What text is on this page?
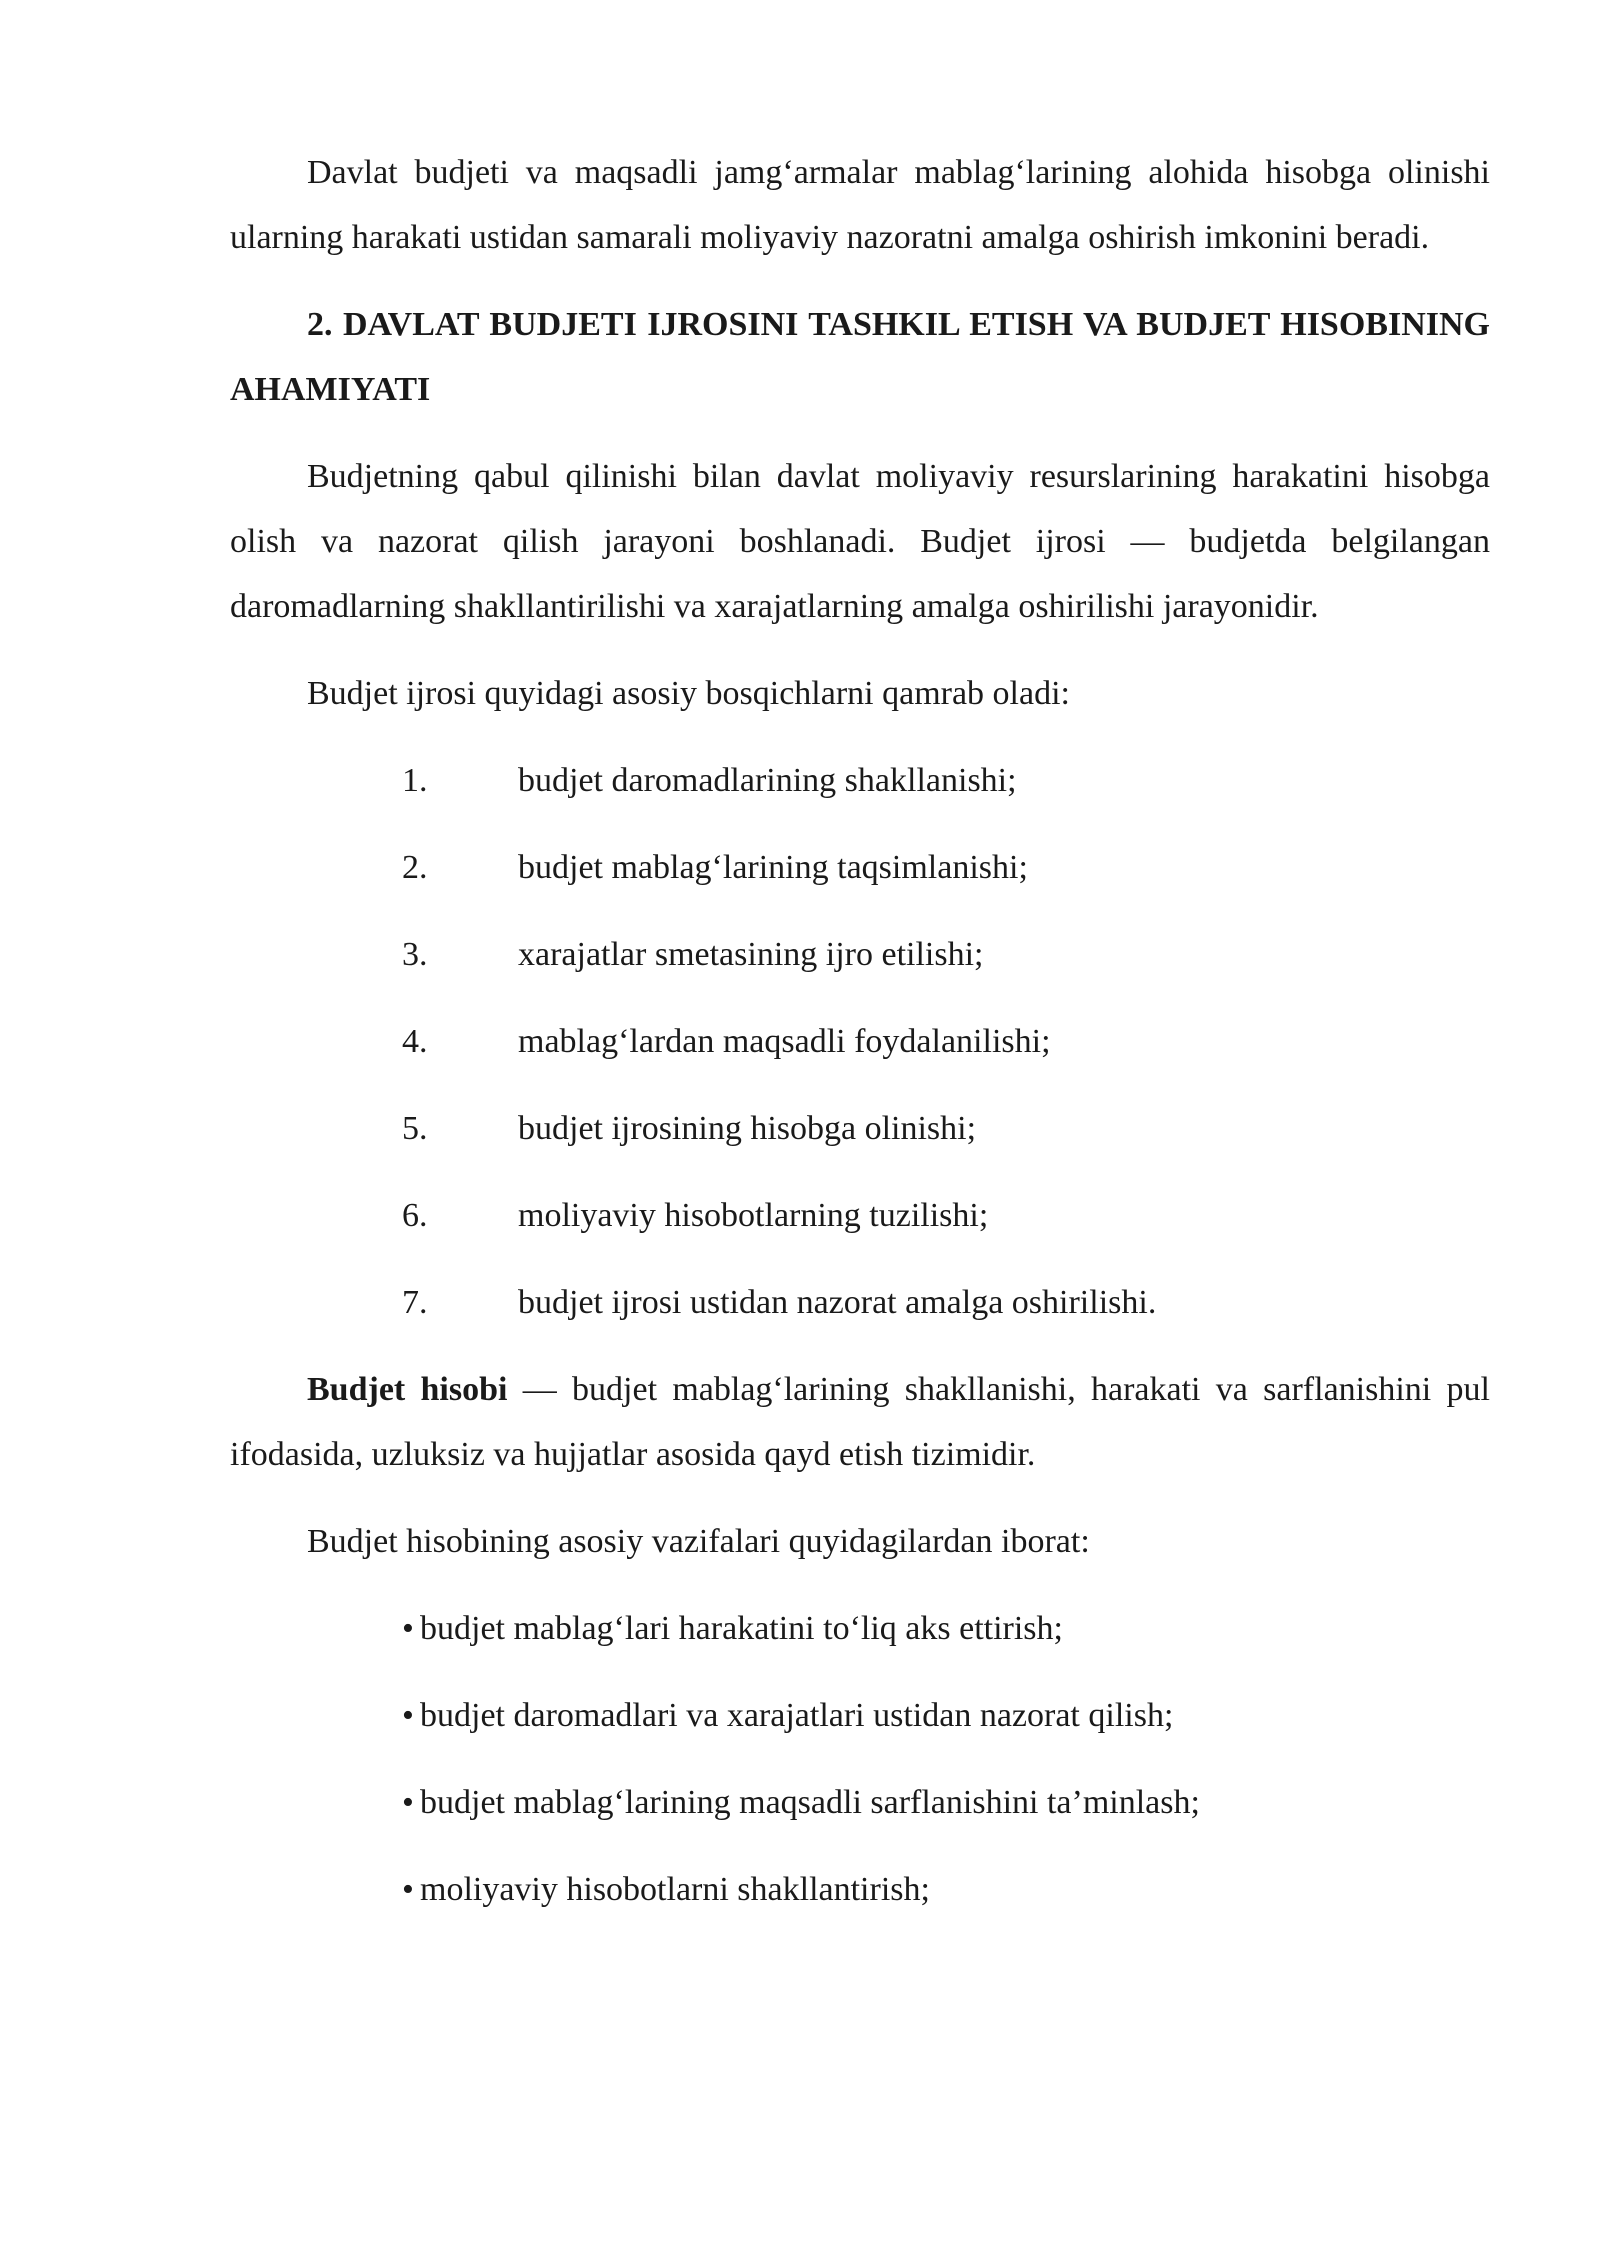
Davlat budjeti va maqsadli jamg‘armalar mablag‘larining alohida hisobga olinishi ularning harakati ustidan samarali moliyaviy nazoratni amalga oshirish imkonini beradi.

2. DAVLAT BUDJETI IJROSINI TASHKIL ETISH VA BUDJET HISOBINING AHAMIYATI

Budjetning qabul qilinishi bilan davlat moliyaviy resurslarining harakatini hisobga olish va nazorat qilish jarayoni boshlanadi. Budjet ijrosi — budjetda belgilangan daromadlarning shakllantirilishi va xarajatlarning amalga oshirilishi jarayonidir.

Budjet ijrosi quyidagi asosiy bosqichlarni qamrab oladi:

1.	budjet daromadlarining shakllanishi;
2.	budjet mablag‘larining taqsimlanishi;
3.	xarajatlar smetasining ijro etilishi;
4.	mablag‘lardan maqsadli foydalanilishi;
5.	budjet ijrosining hisobga olinishi;
6.	moliyaviy hisobotlarning tuzilishi;
7.	budjet ijrosi ustidan nazorat amalga oshirilishi.

Budjet hisobi — budjet mablag‘larining shakllanishi, harakati va sarflanishini pul ifodasida, uzluksiz va hujjatlar asosida qayd etish tizimidir.

Budjet hisobining asosiy vazifalari quyidagilardan iborat:

• budjet mablag‘lari harakatini to‘liq aks ettirish;
• budjet daromadlari va xarajatlari ustidan nazorat qilish;
• budjet mablag‘larining maqsadli sarflanishini ta’minlash;
• moliyaviy hisobotlarni shakllantirish;
